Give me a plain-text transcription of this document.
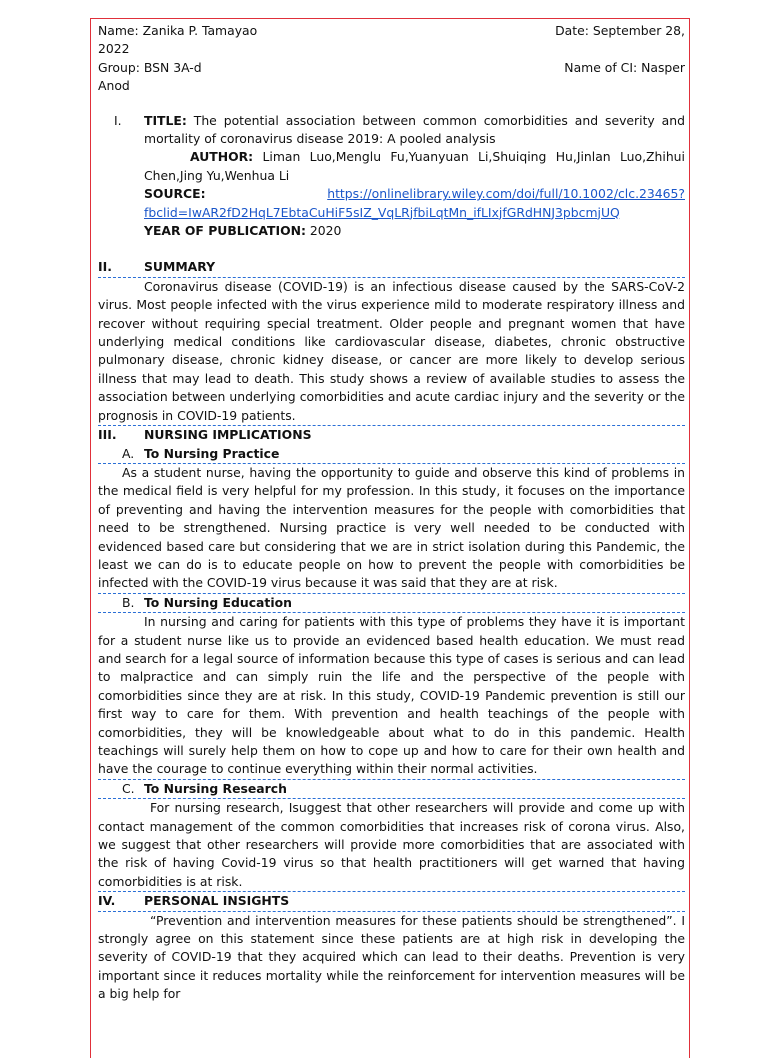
Name: Zanika P. Tamayao	Date: September 28,
2022
Group: BSN 3A-d	Name of CI: Nasper
Anod
I. TITLE: The potential association between common comorbidities and severity and mortality of coronavirus disease 2019: A pooled analysis

AUTHOR: Liman Luo,Menglu Fu,Yuanyuan Li,Shuiqing Hu,Jinlan Luo,Zhihui Chen,Jing Yu,Wenhua Li

SOURCE:	https://onlinelibrary.wiley.com/doi/full/10.1002/clc.23465?
fbclid=IwAR2fD2HqL7EbtaCuHiF5sIZ_VqLRjfbiLqtMn_ifLIxjfGRdHNJ3pbcmjUQ
YEAR OF PUBLICATION: 2020
II.	SUMMARY

Coronavirus disease (COVID-19) is an infectious disease caused by the SARS-CoV-2 virus. Most people infected with the virus experience mild to moderate respiratory illness and recover without requiring special treatment. Older people and pregnant women that have underlying medical conditions like cardiovascular disease, diabetes, chronic obstructive pulmonary disease, chronic kidney disease, or cancer are more likely to develop serious illness that may lead to death. This study shows a review of available studies to assess the association between underlying comorbidities and acute cardiac injury and the severity or the prognosis in COVID-19 patients.

III. NURSING IMPLICATIONS
A. To Nursing Practice

As a student nurse, having the opportunity to guide and observe this kind of problems in the medical field is very helpful for my profession. In this study, it focuses on the importance of preventing and having the intervention measures for the people with comorbidities that need to be strengthened. Nursing practice is very well needed to be conducted with evidenced based care but considering that we are in strict isolation during this Pandemic, the least we can do is to educate people on how to prevent the people with comorbidities be infected with the COVID-19 virus because it was said that they are at risk.

B. To Nursing Education

In nursing and caring for patients with this type of problems they have it is important for a student nurse like us to provide an evidenced based health education. We must read and search for a legal source of information because this type of cases is serious and can lead to malpractice and can simply ruin the life and the perspective of the people with comorbidities since they are at risk. In this study, COVID-19 Pandemic prevention is still our first way to care for them. With prevention and health teachings of the people with comorbidities, they will be knowledgeable about what to do in this pandemic. Health teachings will surely help them on how to cope up and how to care for their own health and have the courage to continue everything within their normal activities.

C. To Nursing Research

For nursing research, Isuggest that other researchers will provide and come up with contact management of the common comorbidities that increases risk of corona virus. Also, we suggest that other researchers will provide more comorbidities that are associated with the risk of having Covid-19 virus so that health practitioners will get warned that having comorbidities is at risk.

IV. PERSONAL INSIGHTS

“Prevention and intervention measures for these patients should be strengthened”. I strongly agree on this statement since these patients are at high risk in developing the severity of COVID-19 that they acquired which can lead to their deaths. Prevention is very important since it reduces mortality while the reinforcement for intervention measures will be a big help for
